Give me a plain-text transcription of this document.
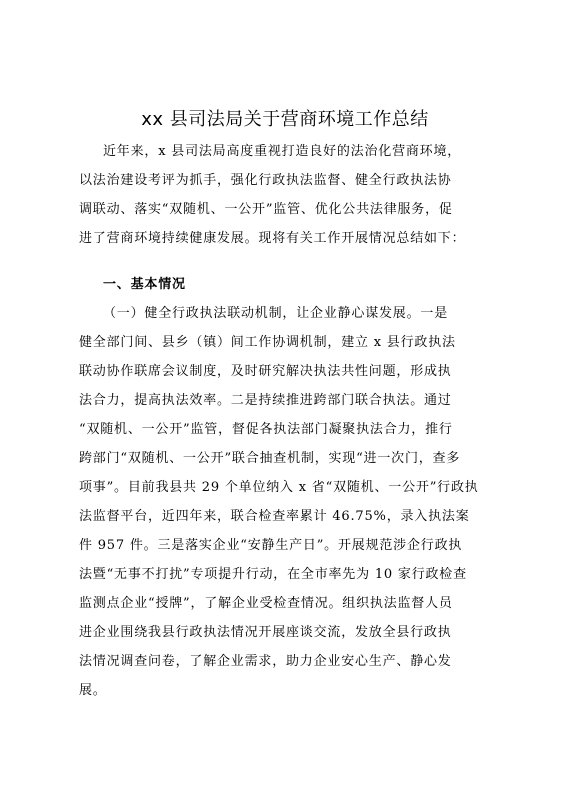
xx 县司法局关于营商环境工作总结
近年来，x 县司法局高度重视打造良好的法治化营商环境，
以法治建设考评为抓手，强化行政执法监督、健全行政执法协
调联动、落实“双随机、一公开”监管、优化公共法律服务，促
进了营商环境持续健康发展。现将有关工作开展情况总结如下：
一、基本情况
（一）健全行政执法联动机制，让企业静心谋发展。一是
健全部门间、县乡（镇）间工作协调机制，建立 x 县行政执法
联动协作联席会议制度，及时研究解决执法共性问题，形成执
法合力，提高执法效率。二是持续推进跨部门联合执法。通过
“双随机、一公开”监管，督促各执法部门凝聚执法合力，推行
跨部门“双随机、一公开”联合抽查机制，实现“进一次门，查多
项事”。目前我县共 29 个单位纳入 x 省“双随机、一公开”行政执
法监督平台，近四年来，联合检查率累计 46.75%，录入执法案
件 957 件。三是落实企业“安静生产日”。开展规范涉企行政执
法暨“无事不打扰”专项提升行动，在全市率先为 10 家行政检查
监测点企业“授牌”，了解企业受检查情况。组织执法监督人员
进企业围绕我县行政执法情况开展座谈交流，发放全县行政执
法情况调查问卷，了解企业需求，助力企业安心生产、静心发
展。
